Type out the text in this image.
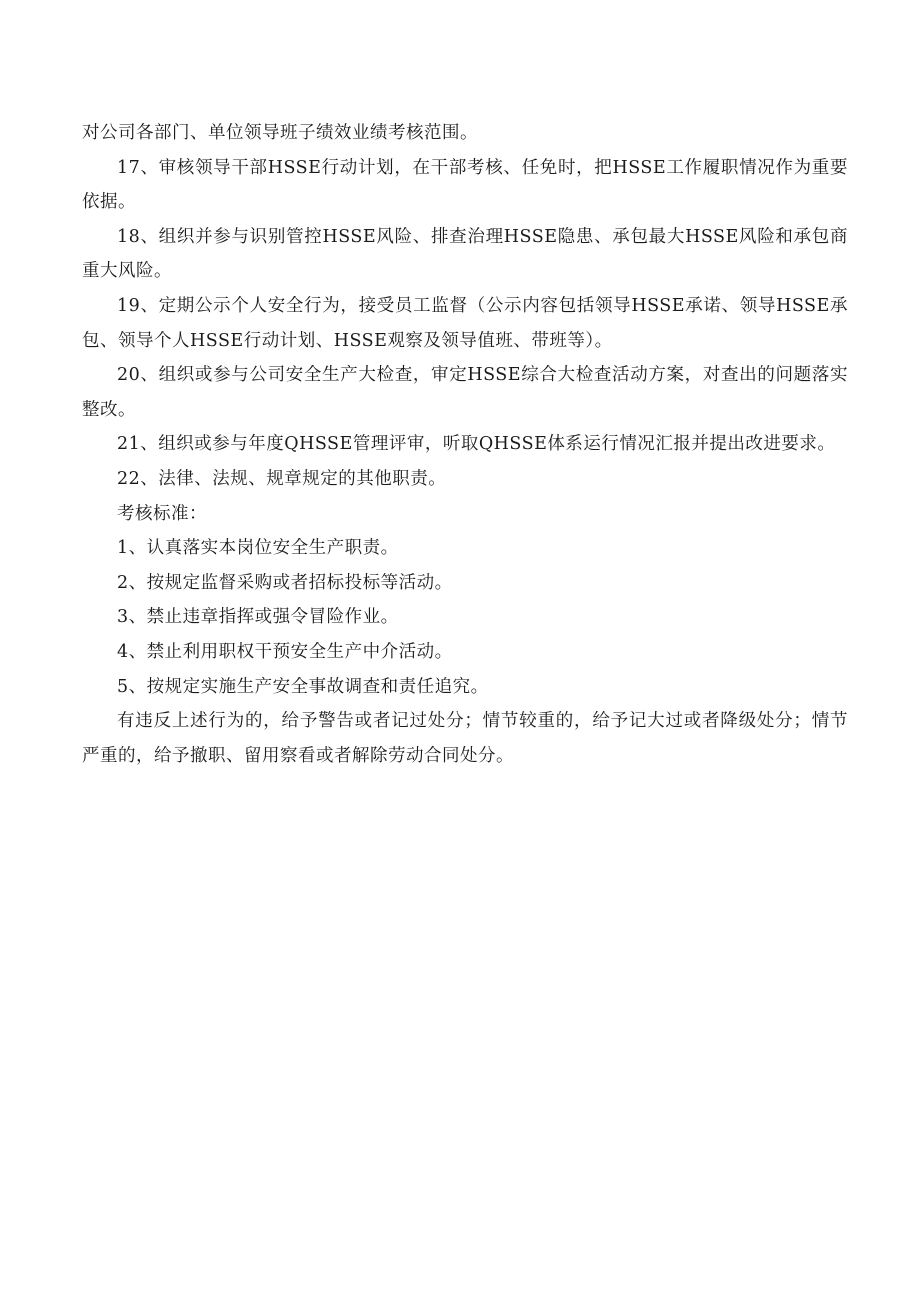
对公司各部门、单位领导班子绩效业绩考核范围。

17、审核领导干部HSSE行动计划，在干部考核、任免时，把HSSE工作履职情况作为重要依据。

18、组织并参与识别管控HSSE风险、排查治理HSSE隐患、承包最大HSSE风险和承包商重大风险。

19、定期公示个人安全行为，接受员工监督（公示内容包括领导HSSE承诺、领导HSSE承包、领导个人HSSE行动计划、HSSE观察及领导值班、带班等）。

20、组织或参与公司安全生产大检查，审定HSSE综合大检查活动方案，对查出的问题落实整改。

21、组织或参与年度QHSSE管理评审，听取QHSSE体系运行情况汇报并提出改进要求。

22、法律、法规、规章规定的其他职责。

考核标准：

1、认真落实本岗位安全生产职责。

2、按规定监督采购或者招标投标等活动。

3、禁止违章指挥或强令冒险作业。

4、禁止利用职权干预安全生产中介活动。

5、按规定实施生产安全事故调查和责任追究。

有违反上述行为的，给予警告或者记过处分；情节较重的，给予记大过或者降级处分；情节严重的，给予撤职、留用察看或者解除劳动合同处分。
